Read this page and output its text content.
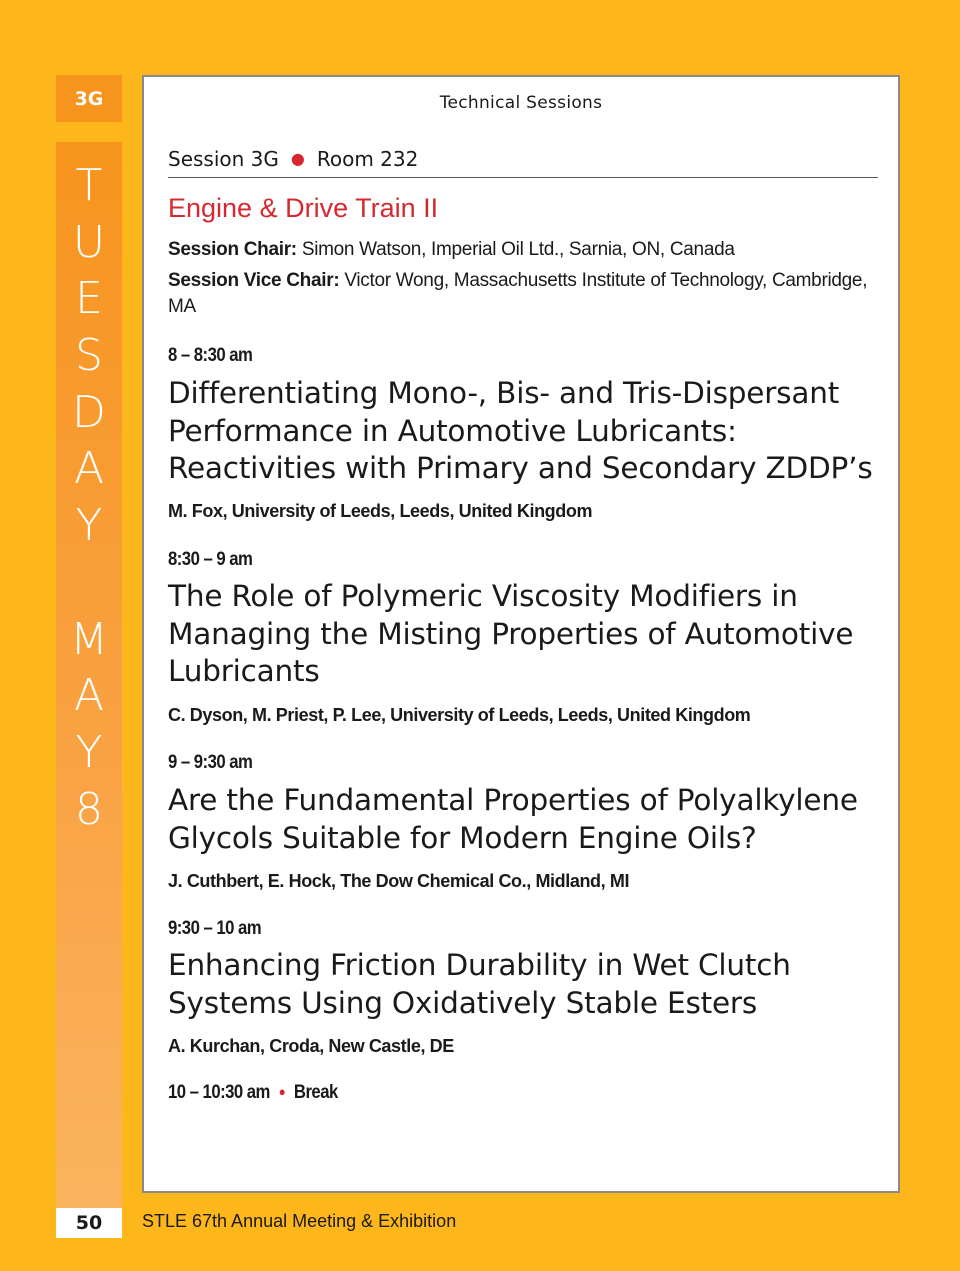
3G
T
U
E
S
D
A
Y
M
A
Y
8
Technical Sessions
Session 3G ● Room 232
Engine & Drive Train II
Session Chair: Simon Watson, Imperial Oil Ltd., Sarnia, ON, Canada
Session Vice Chair: Victor Wong, Massachusetts Institute of Technology, Cambridge, MA
8 – 8:30 am
Differentiating Mono-, Bis- and Tris-Dispersant Performance in Automotive Lubricants: Reactivities with Primary and Secondary ZDDP’s
M. Fox, University of Leeds, Leeds, United Kingdom
8:30 – 9 am
The Role of Polymeric Viscosity Modifiers in Managing the Misting Properties of Automotive Lubricants
C. Dyson, M. Priest, P. Lee, University of Leeds, Leeds, United Kingdom
9 – 9:30 am
Are the Fundamental Properties of Polyalkylene Glycols Suitable for Modern Engine Oils?
J. Cuthbert, E. Hock, The Dow Chemical Co., Midland, MI
9:30 – 10 am
Enhancing Friction Durability in Wet Clutch Systems Using Oxidatively Stable Esters
A. Kurchan, Croda, New Castle, DE
10 – 10:30 am ● Break
50	STLE 67th Annual Meeting & Exhibition
